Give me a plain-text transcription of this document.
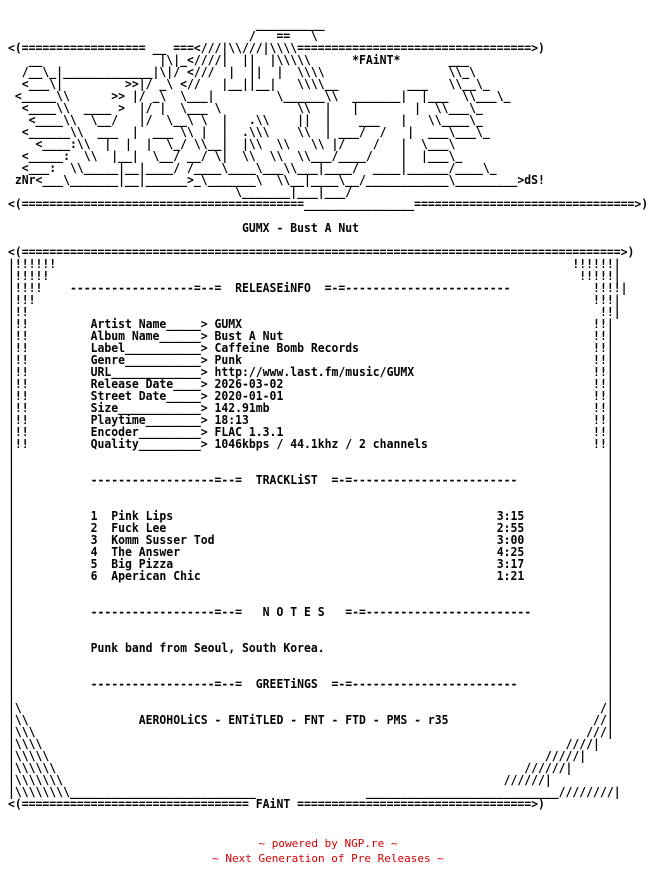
__________
/   ==   \
<(================== __ ===<///|\\///|\\\\==================================>)
__                 |\|_<////|  ||  |\\\\\      *FAiNT*       ___
/__\_|_____________|\|/ <///  |  ||  |  \\\\                  \\_\
<___\|         >>|/ _\ <//   |__||__|   \\\\__          ___   \\__\_
<_____\\      >> |/ _\  \___|         \______\\  _______|  |___  \\___\_
<____\\  ____ >  |/ |  \___ \           \\  |   |        |  \\___\_
<____\\  \__/   |/  \__\ \  |   .\\    ||  |    ___   |   \\____\_
<______\\  ___  |  ___ \\ |  |  .\\\    \\  | ___/  /   |  ___\___\_
<____:\\  |  |  |  \_/ \\__|  |\\  \\   \\ |/    /   |  \___\
<_____:  \\  |__|  \__/ __/ \|  \\  \\  \\___/____/    |  |___\_
<___:  \\_____|__|____/ /____\____\___\\___|____/  ____|______/____\_
zNr<___\_______|__|______>_\_______\  \\__|____\__/____________\_________>dS!
\_______|___|___/
<(=========================================________________================================>)

GUMX - Bust A Nut

<(=======================================================================================>)
|!!!!!!                                                                           !!!!!!|
|!!!!!                                                                             !!!!!|
|!!!!    ------------------=--=  RELEASEiNFO  =-=------------------------            !!!!|
|!!!                                                                                 !!!|
|!!                                                                                   !!|
|!!         Artist Name_____> GUMX                                                   !!|
|!!         Album Name______> Bust A Nut                                             !!|
|!!         Label___________> Caffeine Bomb Records                                  !!|
|!!         Genre___________> Punk                                                   !!|
|!!         URL_____________> http://www.last.fm/music/GUMX                          !!|
|!!         Release Date____> 2026-03-02                                             !!|
|!!         Street Date_____> 2020-01-01                                             !!|
|!!         Size____________> 142.91mb                                               !!|
|!!         Playtime________> 18:13                                                  !!|
|!!         Encoder_________> FLAC 1.3.1                                             !!|
|!!         Quality_________> 1046kbps / 44.1khz / 2 channels                        !!|
|                                                                                      |
|                                                                                      |
|           ------------------=--=  TRACKLiST  =-=------------------------             |
|                                                                                      |
|                                                                                      |
|           1  Pink Lips                                               3:15            |
|           2  Fuck Lee                                                2:55            |
|           3  Komm Susser Tod                                         3:00            |
|           4  The Answer                                              4:25            |
|           5  Big Pizza                                               3:17            |
|           6  Aperican Chic                                           1:21            |
|                                                                                      |
|                                                                                      |
|           ------------------=--=   N O T E S   =-=------------------------           |
|                                                                                      |
|                                                                                      |
|           Punk band from Seoul, South Korea.                                         |
|                                                                                      |
|                                                                                      |
|           ------------------=--=  GREETiNGS  =-=------------------------             |
|                                                                                      |
|\                                                                                    /|
|\\                AEROHOLiCS - ENTiTLED - FNT - FTD - PMS - r35                     //|
|\\\                                                                                ///|
|\\\\                                                                            ////|
|\\\\\                                                                        /////|
|\\\\\\                                                                    //////|
|\\\\\\\                                                                //////|
|\\\\\\\\___________________________                ____________________________////////|
<(================================= FAiNT ==================================>)
~ powered by NGP.re ~
~ Next Generation of Pre Releases ~
